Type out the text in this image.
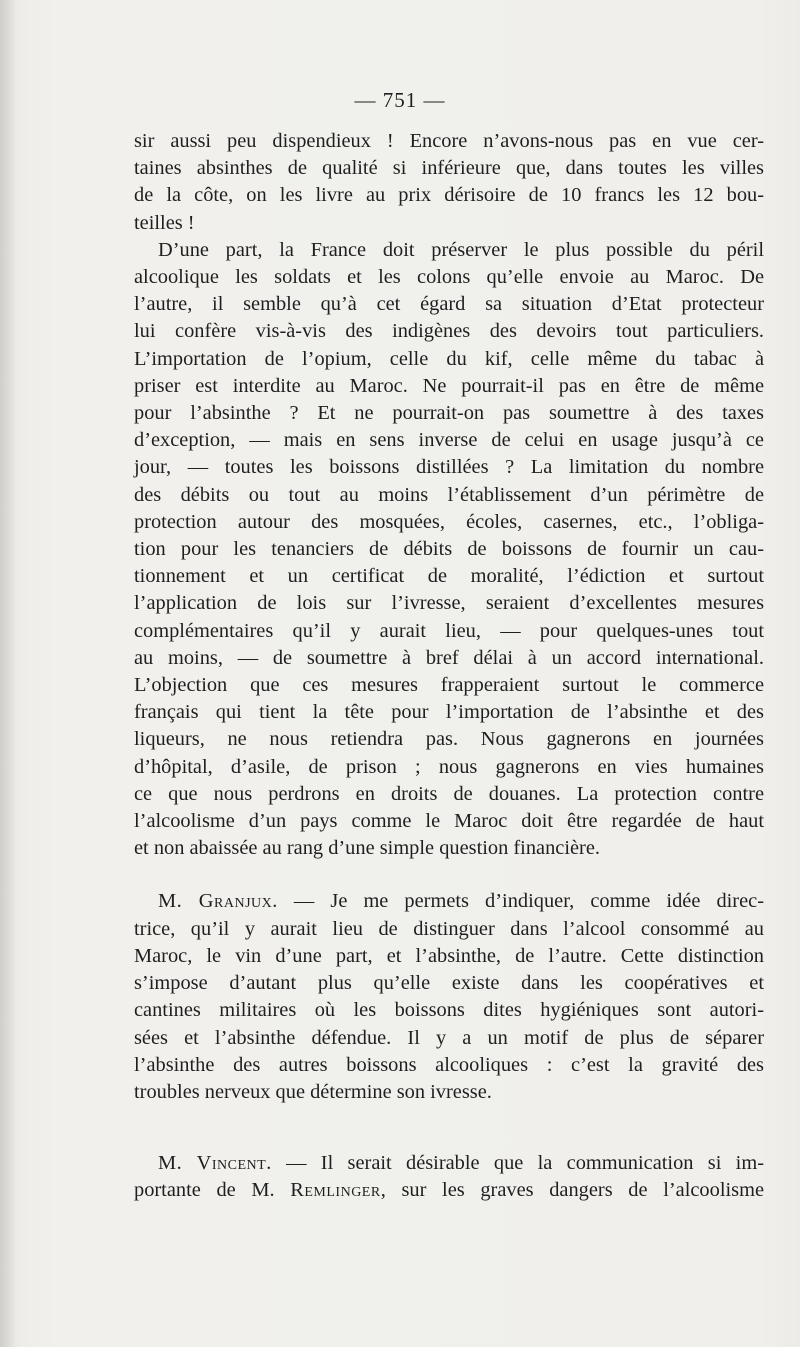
— 751 —

sir aussi peu dispendieux ! Encore n’avons-nous pas en vue cer-
taines absinthes de qualité si inférieure que, dans toutes les villes
de la côte, on les livre au prix dérisoire de 10 francs les 12 bou-
teilles !

D’une part, la France doit préserver le plus possible du péril
alcoolique les soldats et les colons qu’elle envoie au Maroc. De
l’autre, il semble qu’à cet égard sa situation d’Etat protecteur
lui confère vis-à-vis des indigènes des devoirs tout particuliers.
L’importation de l’opium, celle du kif, celle même du tabac à
priser est interdite au Maroc. Ne pourrait-il pas en être de même
pour l’absinthe ? Et ne pourrait-on pas soumettre à des taxes
d’exception, — mais en sens inverse de celui en usage jusqu’à ce
jour, — toutes les boissons distillées ? La limitation du nombre
des débits ou tout au moins l’établissement d’un périmètre de
protection autour des mosquées, écoles, casernes, etc., l’obliga-
tion pour les tenanciers de débits de boissons de fournir un cau-
tionnement et un certificat de moralité, l’édiction et surtout
l’application de lois sur l’ivresse, seraient d’excellentes mesures
complémentaires qu’il y aurait lieu, — pour quelques-unes tout
au moins, — de soumettre à bref délai à un accord international.
L’objection que ces mesures frapperaient surtout le commerce
français qui tient la tête pour l’importation de l’absinthe et des
liqueurs, ne nous retiendra pas. Nous gagnerons en journées
d’hôpital, d’asile, de prison ; nous gagnerons en vies humaines
ce que nous perdrons en droits de douanes. La protection contre
l’alcoolisme d’un pays comme le Maroc doit être regardée de haut
et non abaissée au rang d’une simple question financière.

M. Granjux. — Je me permets d’indiquer, comme idée direc-
trice, qu’il y aurait lieu de distinguer dans l’alcool consommé au
Maroc, le vin d’une part, et l’absinthe, de l’autre. Cette distinction
s’impose d’autant plus qu’elle existe dans les coopératives et
cantines militaires où les boissons dites hygiéniques sont autori-
sées et l’absinthe défendue. Il y a un motif de plus de séparer
l’absinthe des autres boissons alcooliques : c’est la gravité des
troubles nerveux que détermine son ivresse.

M. Vincent. — Il serait désirable que la communication si im-
portante de M. Remlinger, sur les graves dangers de l’alcoolisme
